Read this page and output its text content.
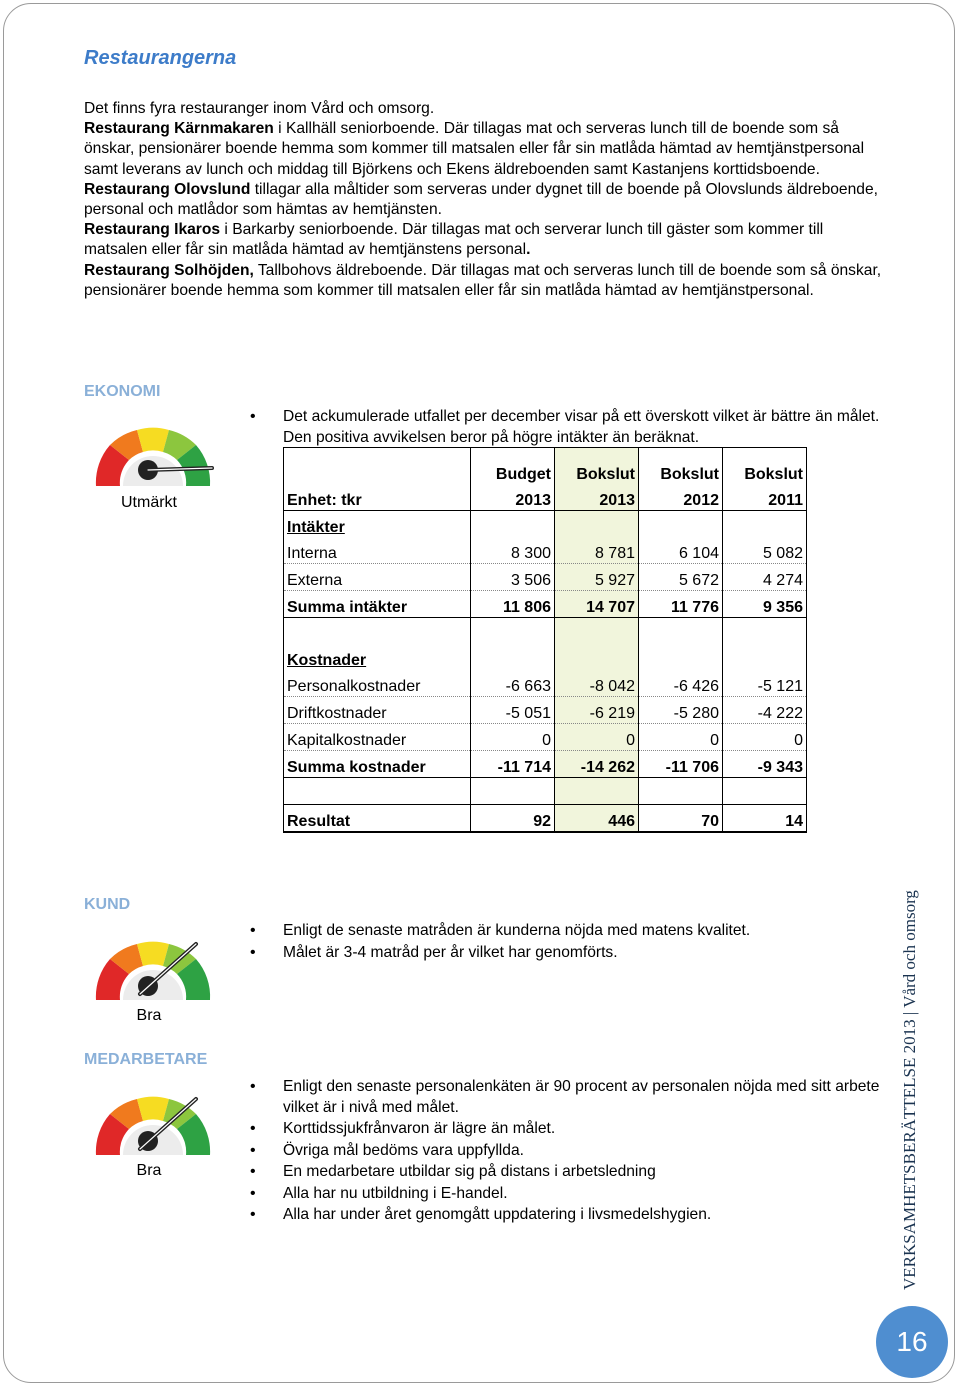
Restaurangerna

Det finns fyra restauranger inom Vård och omsorg.

Restaurang Kärnmakaren i Kallhäll seniorboende. Där tillagas mat och serveras lunch till de boende som så önskar, pensionärer boende hemma som kommer till matsalen eller får sin matlåda hämtad av hemtjänstpersonal samt leverans av lunch och middag till Björkens och Ekens äldreboenden samt Kastanjens korttidsboende.

Restaurang Olovslund tillagar alla måltider som serveras under dygnet till de boende på Olovslunds äldreboende, personal och matlådor som hämtas av hemtjänsten.

Restaurang Ikaros i Barkarby seniorboende. Där tillagas mat och serverar lunch till gäster som kommer till matsalen eller får sin matlåda hämtad av hemtjänstens personal.

Restaurang Solhöjden, Tallbohovs äldreboende. Där tillagas mat och serveras lunch till de boende som så önskar, pensionärer boende hemma som kommer till matsalen eller får sin matlåda hämtad av hemtjänstpersonal.

EKONOMI
Utmärkt
• Det ackumulerade utfallet per december visar på ett överskott vilket är bättre än målet. Den positiva avvikelsen beror på högre intäkter än beräknat.
	Budget	Bokslut	Bokslut	Bokslut
Enhet: tkr	2013	2013	2012	2011
Intäkter				
Interna	8 300	8 781	6 104	5 082
Externa	3 506	5 927	5 672	4 274
Summa intäkter	11 806	14 707	11 776	9 356

Kostnader				
Personalkostnader	-6 663	-8 042	-6 426	-5 121
Driftkostnader	-5 051	-6 219	-5 280	-4 222
Kapitalkostnader	0	0	0	0
Summa kostnader	-11 714	-14 262	-11 706	-9 343

Resultat	92	446	70	14
KUND
Bra
• Enligt de senaste matråden är kunderna nöjda med matens kvalitet.
• Målet är 3-4 matråd per år vilket har genomförts.
MEDARBETARE
Bra
• Enligt den senaste personalenkäten är 90 procent av personalen nöjda med sitt arbete vilket är i nivå med målet.
• Korttidssjukfrånvaron är lägre än målet.
• Övriga mål bedöms vara uppfyllda.
• En medarbetare utbildar sig på distans i arbetsledning
• Alla har nu utbildning i E-handel.
• Alla har under året genomgått uppdatering i livsmedelshygien.	VERKSAMHETSBERÄTTELSE 2013 | Vård och omsorg
16
